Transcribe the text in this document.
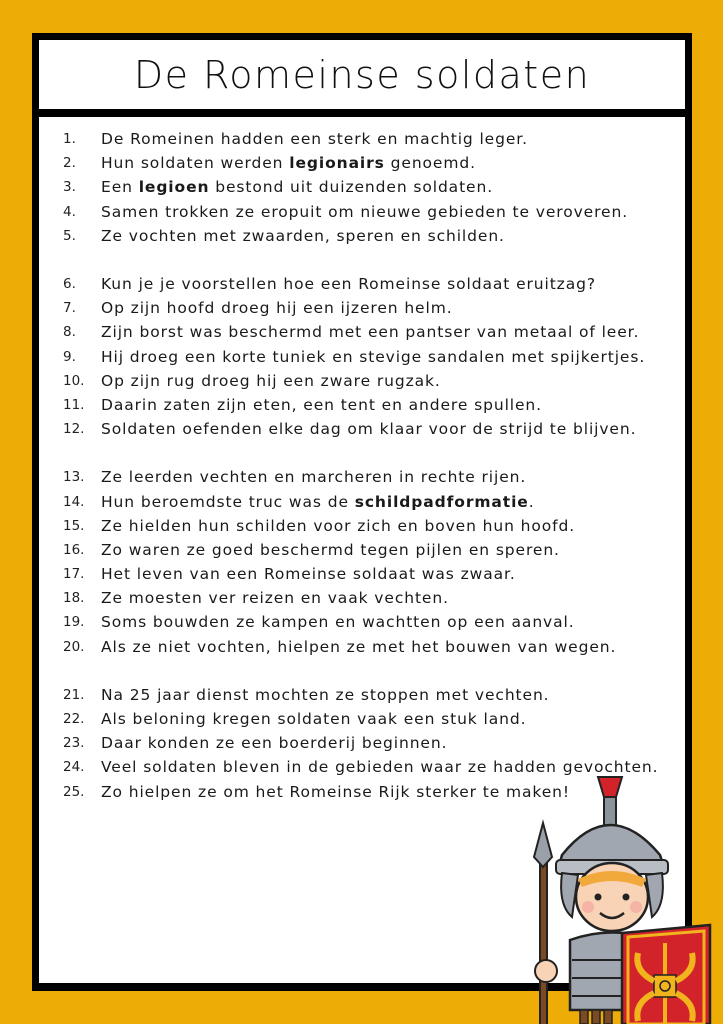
De Romeinse soldaten
1.	De Romeinen hadden een sterk en machtig leger.
2.	Hun soldaten werden legionairs genoemd.
3.	Een legioen bestond uit duizenden soldaten.
4.	Samen trokken ze eropuit om nieuwe gebieden te veroveren.
5.	Ze vochten met zwaarden, speren en schilden.
6.	Kun je je voorstellen hoe een Romeinse soldaat eruitzag?
7.	Op zijn hoofd droeg hij een ijzeren helm.
8.	Zijn borst was beschermd met een pantser van metaal of leer.
9.	Hij droeg een korte tuniek en stevige sandalen met spijkertjes.
10.	Op zijn rug droeg hij een zware rugzak.
11.	Daarin zaten zijn eten, een tent en andere spullen.
12.	Soldaten oefenden elke dag om klaar voor de strijd te blijven.
13.	Ze leerden vechten en marcheren in rechte rijen.
14.	Hun beroemdste truc was de schildpadformatie.
15.	Ze hielden hun schilden voor zich en boven hun hoofd.
16.	Zo waren ze goed beschermd tegen pijlen en speren.
17.	Het leven van een Romeinse soldaat was zwaar.
18.	Ze moesten ver reizen en vaak vechten.
19.	Soms bouwden ze kampen en wachtten op een aanval.
20.	Als ze niet vochten, hielpen ze met het bouwen van wegen.
21.	Na 25 jaar dienst mochten ze stoppen met vechten.
22.	Als beloning kregen soldaten vaak een stuk land.
23.	Daar konden ze een boerderij beginnen.
24.	Veel soldaten bleven in de gebieden waar ze hadden gevochten.
25.	Zo hielpen ze om het Romeinse Rijk sterker te maken!
